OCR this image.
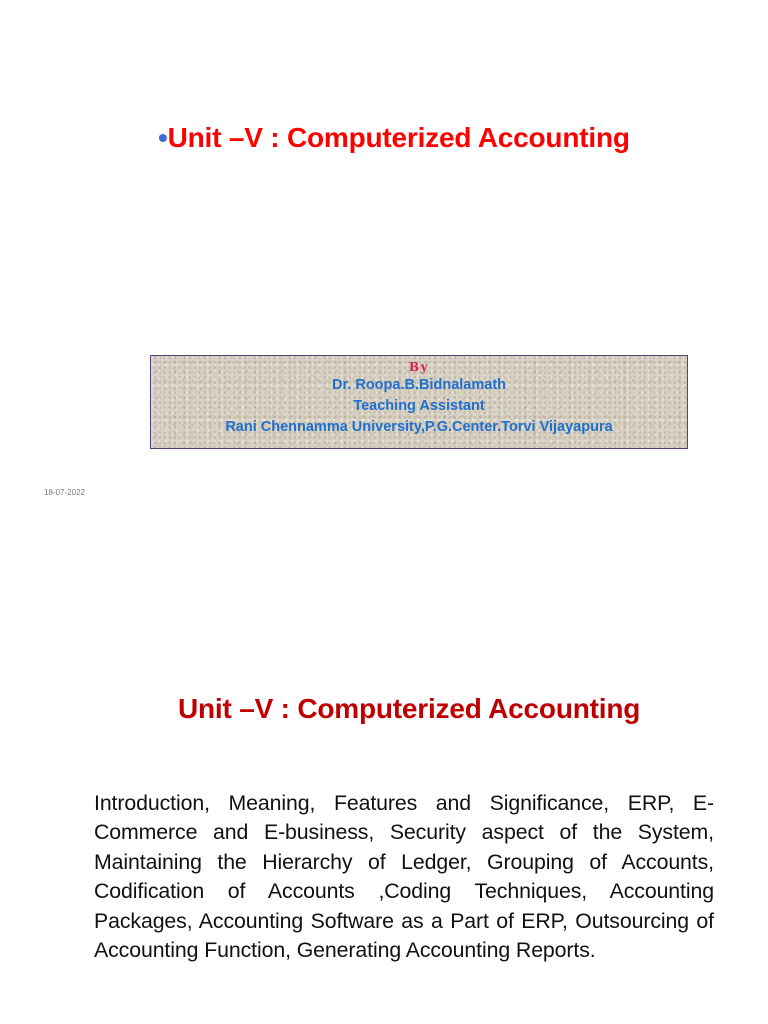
•Unit –V : Computerized Accounting
By
Dr. Roopa.B.Bidnalamath
Teaching Assistant
Rani Chennamma University,P.G.Center.Torvi Vijayapura
18-07-2022
Unit –V : Computerized Accounting
Introduction, Meaning, Features and Significance, ERP, E-Commerce and E-business, Security aspect of the System, Maintaining the Hierarchy of Ledger, Grouping of Accounts, Codification of Accounts ,Coding Techniques, Accounting Packages, Accounting Software as a Part of ERP, Outsourcing of Accounting Function, Generating Accounting Reports.
